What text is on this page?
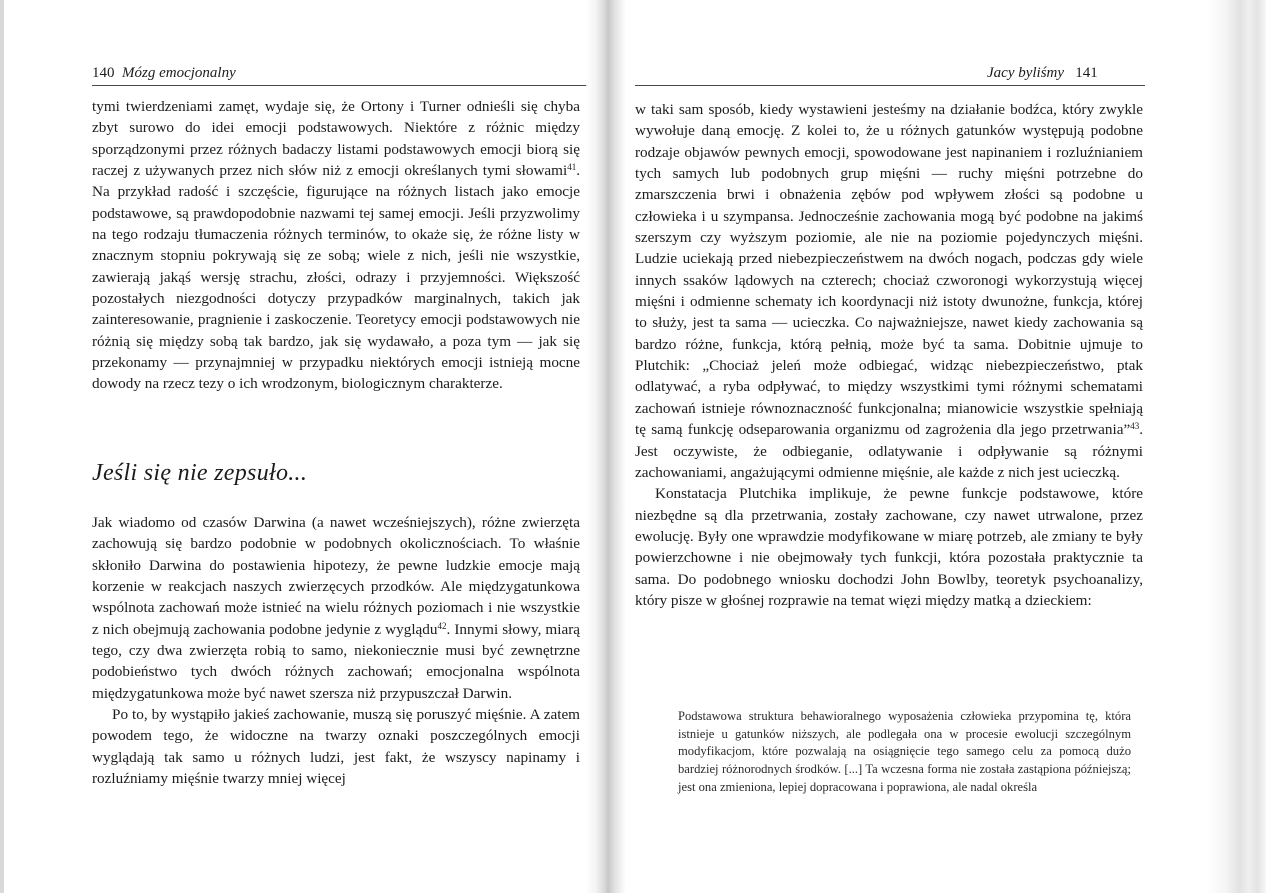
140 Mózg emocjonalny

tymi twierdzeniami zamęt, wydaje się, że Ortony i Turner odnieśli się chyba zbyt surowo do idei emocji podstawowych. Niektóre z różnic między sporządzonymi przez różnych badaczy listami podstawowych emocji biorą się raczej z używanych przez nich słów niż z emocji określanych tymi słowami$^{41}$. Na przykład radość i szczęście, figurujące na różnych listach jako emocje podstawowe, są prawdopodobnie nazwami tej samej emocji. Jeśli przyzwolimy na tego rodzaju tłumaczenia różnych terminów, to okaże się, że różne listy w znacznym stopniu pokrywają się ze sobą; wiele z nich, jeśli nie wszystkie, zawierają jakąś wersję strachu, złości, odrazy i przyjemności. Większość pozostałych niezgodności dotyczy przypadków marginalnych, takich jak zainteresowanie, pragnienie i zaskoczenie. Teoretycy emocji podstawowych nie różnią się między sobą tak bardzo, jak się wydawało, a poza tym — jak się przekonamy — przynajmniej w przypadku niektórych emocji istnieją mocne dowody na rzecz tezy o ich wrodzonym, biologicznym charakterze.

Jeśli się nie zepsuło...

Jak wiadomo od czasów Darwina (a nawet wcześniejszych), różne zwierzęta zachowują się bardzo podobnie w podobnych okolicznościach. To właśnie skłoniło Darwina do postawienia hipotezy, że pewne ludzkie emocje mają korzenie w reakcjach naszych zwierzęcych przodków. Ale międzygatunkowa wspólnota zachowań może istnieć na wielu różnych poziomach i nie wszystkie z nich obejmują zachowania podobne jedynie z wyglądu$^{42}$. Innymi słowy, miarą tego, czy dwa zwierzęta robią to samo, niekoniecznie musi być zewnętrzne podobieństwo tych dwóch różnych zachowań; emocjonalna wspólnota międzygatunkowa może być nawet szersza niż przypuszczał Darwin.

Po to, by wystąpiło jakieś zachowanie, muszą się poruszyć mięśnie. A zatem powodem tego, że widoczne na twarzy oznaki poszczególnych emocji wyglądają tak samo u różnych ludzi, jest fakt, że wszyscy napinamy i rozluźniamy mięśnie twarzy mniej więcej

Jacy byliśmy 141

w taki sam sposób, kiedy wystawieni jesteśmy na działanie bodźca, który zwykle wywołuje daną emocję. Z kolei to, że u różnych gatunków występują podobne rodzaje objawów pewnych emocji, spowodowane jest napinaniem i rozluźnianiem tych samych lub podobnych grup mięśni — ruchy mięśni potrzebne do zmarszczenia brwi i obnażenia zębów pod wpływem złości są podobne u człowieka i u szympansa. Jednocześnie zachowania mogą być podobne na jakimś szerszym czy wyższym poziomie, ale nie na poziomie pojedynczych mięśni. Ludzie uciekają przed niebezpieczeństwem na dwóch nogach, podczas gdy wiele innych ssaków lądowych na czterech; chociaż czworonogi wykorzystują więcej mięśni i odmienne schematy ich koordynacji niż istoty dwunożne, funkcja, której to służy, jest ta sama — ucieczka. Co najważniejsze, nawet kiedy zachowania są bardzo różne, funkcja, którą pełnią, może być ta sama. Dobitnie ujmuje to Plutchik: „Chociaż jeleń może odbiegać, widząc niebezpieczeństwo, ptak odlatywać, a ryba odpływać, to między wszystkimi tymi różnymi schematami zachowań istnieje równoznaczność funkcjonalna; mianowicie wszystkie spełniają tę samą funkcję odseparowania organizmu od zagrożenia dla jego przetrwania”$^{43}$. Jest oczywiste, że odbieganie, odlatywanie i odpływanie są różnymi zachowaniami, angażującymi odmienne mięśnie, ale każde z nich jest ucieczką.

Konstatacja Plutchika implikuje, że pewne funkcje podstawowe, które niezbędne są dla przetrwania, zostały zachowane, czy nawet utrwalone, przez ewolucję. Były one wprawdzie modyfikowane w miarę potrzeb, ale zmiany te były powierzchowne i nie obejmowały tych funkcji, która pozostała praktycznie ta sama. Do podobnego wniosku dochodzi John Bowlby, teoretyk psychoanalizy, który pisze w głośnej rozprawie na temat więzi między matką a dzieckiem:

Podstawowa struktura behawioralnego wyposażenia człowieka przypomina tę, która istnieje u gatunków niższych, ale podlegała ona w procesie ewolucji szczególnym modyfikacjom, które pozwalają na osiągnięcie tego samego celu za pomocą dużo bardziej różnorodnych środków. [...] Ta wczesna forma nie została zastąpiona późniejszą; jest ona zmieniona, lepiej dopracowana i poprawiona, ale nadal określa
